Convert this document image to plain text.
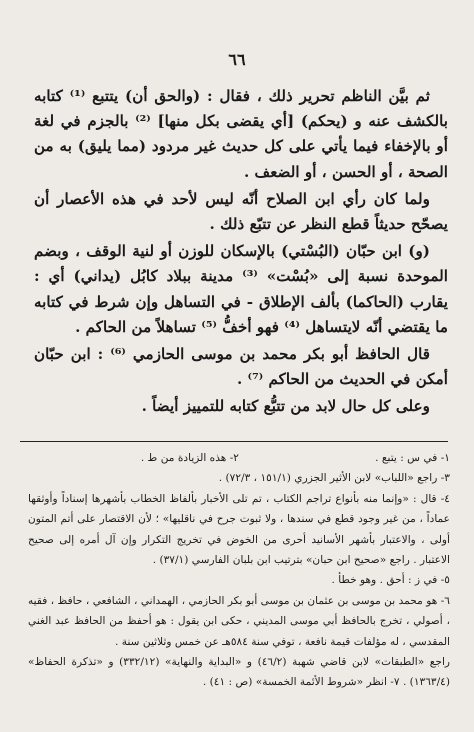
٦٦

ثم بيَّن الناظم تحرير ذلك ، فقال : (والحق أن) يتتبع ⁽¹⁾ كتابه بالكشف عنه و (يحكم) [أي يقضى بكل منها] ⁽²⁾ بالجزم في لغة أو بالإخفاء فيما يأتي على كل حديث غير مردود (مما يليق) به من الصحة ، أو الحسن ، أو الضعف .

ولما كان رأي ابن الصلاح أنّه ليس لأحد في هذه الأعصار أن يصحّح حديثاً قطع النظر عن تتبّع ذلك .

(و) ابن حبّان (البُسْتي) بالإسكان للوزن أو لنية الوقف ، وبضم الموحدة نسبة إلى «بُسْت» ⁽³⁾ مدينة ببلاد كابُل (يداني) أي : يقارب (الحاكما) بألف الإطلاق - في التساهل وإن شرط في كتابه ما يقتضي أنّه لايتساهل ⁽⁴⁾ فهو أخفُّ ⁽⁵⁾ تساهلاً من الحاكم .

قال الحافظ أبو بكر محمد بن موسى الحازمي ⁽⁶⁾ : ابن حبّان أمكن في الحديث من الحاكم ⁽⁷⁾ .

وعلى كل حال لابد من تتبُّع كتابه للتمييز أيضاً .

١- في س : يتبع .
٢- هذه الزيادة من ط .

٣- راجع «اللباب» لابن الأثير الجزري (١٥١/١ ، ٧٢/٣) .

٤- قال : «وإنما منه بأنواع تراجم الكتاب ، تم تلى الأخبار بألفاظ الخطاب بأشهرها إسناداً وأوثقها عماداً ، من غير وجود قطع في سندها ، ولا ثبوت جرح في ناقليها» ؛ لأن الاقتصار على أتم المتون أولى ، والاعتبار بأشهر الأسانيد أحرى من الخوض في تخريج التكرار وإن آل أمره إلى صحيح الاعتبار . راجع «صحيح ابن حبان» بترتيب ابن بلبان الفارسي (٣٧/١) .

٥- في ز : أحق . وهو خطأ .

٦- هو محمد بن موسى بن عثمان بن موسى أبو بكر الحازمي ، الهمداني ، الشافعي ، حافظ ، فقيه ، أصولي ، تخرج بالحافظ أبي موسى المديني ، حكى ابن يقول : هو أحفظ من الحافظ عبد الغني المقدسي ، له مؤلفات قيمة نافعة ، توفي سنة ٥٨٤هـ عن خمس وثلاثين سنة .

راجع «الطبقات» لابن قاضي شهبة (٤٦/٢) و «البداية والنهاية» (٣٣٢/١٢) و «تذكرة الحفاظ» (١٣٦٣/٤) . ٧- انظر «شروط الأئمة الخمسة» (ص : ٤١) .
